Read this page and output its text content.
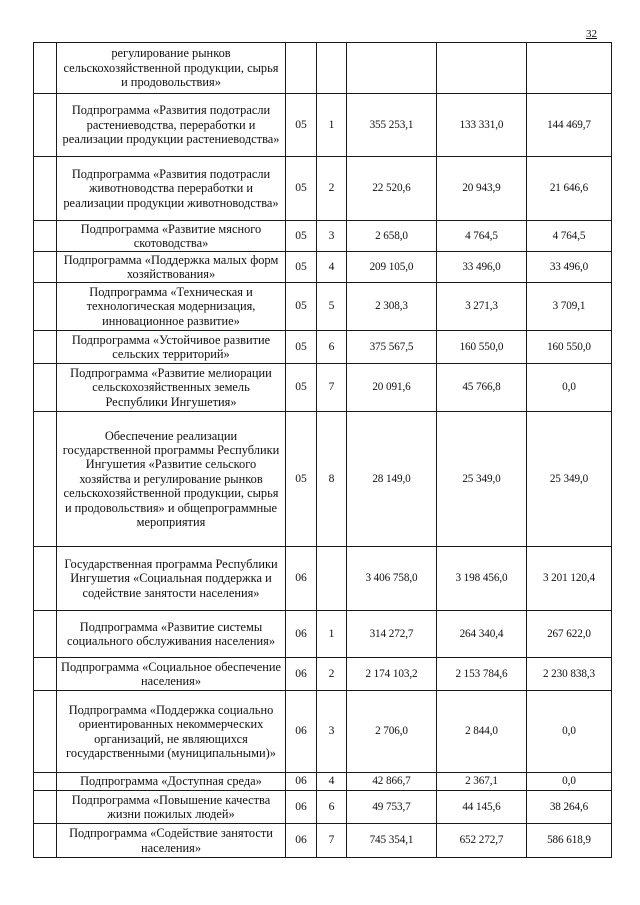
32
	регулирование рынков сельскохозяйственной продукции, сырья и продовольствия»					
	Подпрограмма «Развития подотрасли растениеводства, переработки и реализации продукции растениеводства»	05	1	355 253,1	133 331,0	144 469,7
	Подпрограмма «Развития подотрасли животноводства переработки и реализации продукции животноводства»	05	2	22 520,6	20 943,9	21 646,6
	Подпрограмма «Развитие мясного скотоводства»	05	3	2 658,0	4 764,5	4 764,5
	Подпрограмма «Поддержка малых форм хозяйствования»	05	4	209 105,0	33 496,0	33 496,0
	Подпрограмма «Техническая и технологическая модернизация, инновационное развитие»	05	5	2 308,3	3 271,3	3 709,1
	Подпрограмма «Устойчивое развитие сельских территорий»	05	6	375 567,5	160 550,0	160 550,0
	Подпрограмма «Развитие мелиорации сельскохозяйственных земель Республики Ингушетия»	05	7	20 091,6	45 766,8	0,0
	Обеспечение реализации государственной программы Республики Ингушетия «Развитие сельского хозяйства и регулирование рынков сельскохозяйственной продукции, сырья и продовольствия» и общепрограммные мероприятия	05	8	28 149,0	25 349,0	25 349,0
	Государственная программа Республики Ингушетия «Социальная поддержка и содействие занятости населения»	06		3 406 758,0	3 198 456,0	3 201 120,4
	Подпрограмма «Развитие системы социального обслуживания населения»	06	1	314 272,7	264 340,4	267 622,0
	Подпрограмма «Социальное обеспечение населения»	06	2	2 174 103,2	2 153 784,6	2 230 838,3
	Подпрограмма «Поддержка социально ориентированных некоммерческих организаций, не являющихся государственными (муниципальными)»	06	3	2 706,0	2 844,0	0,0
	Подпрограмма «Доступная среда»	06	4	42 866,7	2 367,1	0,0
	Подпрограмма «Повышение качества жизни пожилых людей»	06	6	49 753,7	44 145,6	38 264,6
	Подпрограмма «Содействие занятости населения»	06	7	745 354,1	652 272,7	586 618,9
